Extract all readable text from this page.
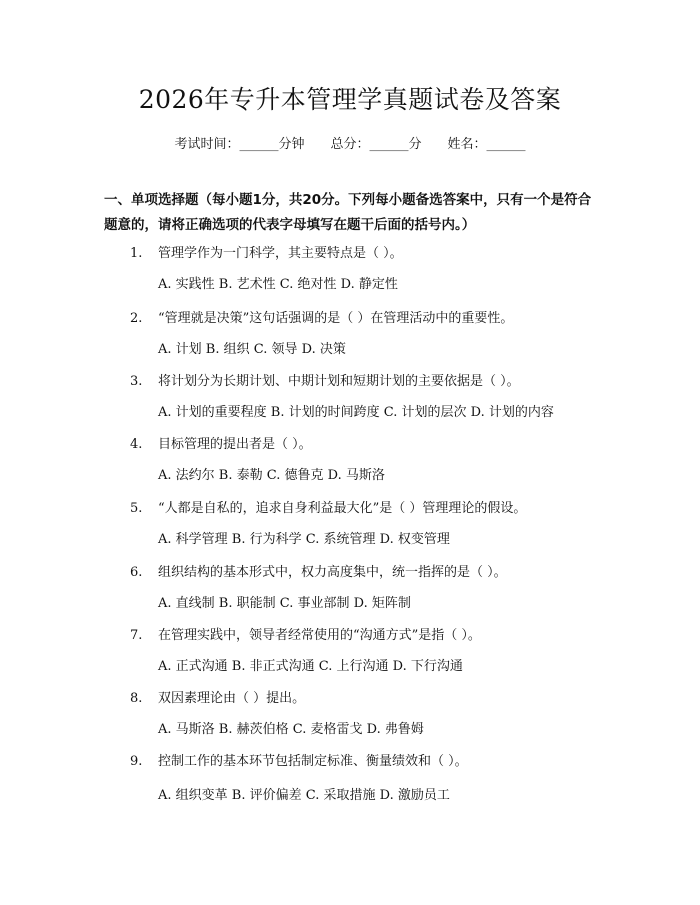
2026年专升本管理学真题试卷及答案
考试时间：______分钟 总分：______分 姓名：______
一、单项选择题（每小题1分，共20分。下列每小题备选答案中，只有一个是符合题意的，请将正确选项的代表字母填写在题干后面的括号内。）
1. 管理学作为一门科学，其主要特点是（ ）。
A. 实践性 B. 艺术性 C. 绝对性 D. 静定性
2. “管理就是决策”这句话强调的是（ ）在管理活动中的重要性。
A. 计划 B. 组织 C. 领导 D. 决策
3. 将计划分为长期计划、中期计划和短期计划的主要依据是（ ）。
A. 计划的重要程度 B. 计划的时间跨度 C. 计划的层次 D. 计划的内容
4. 目标管理的提出者是（ ）。
A. 法约尔 B. 泰勒 C. 德鲁克 D. 马斯洛
5. “人都是自私的，追求自身利益最大化”是（ ）管理理论的假设。
A. 科学管理 B. 行为科学 C. 系统管理 D. 权变管理
6. 组织结构的基本形式中，权力高度集中，统一指挥的是（ ）。
A. 直线制 B. 职能制 C. 事业部制 D. 矩阵制
7. 在管理实践中，领导者经常使用的“沟通方式”是指（ ）。
A. 正式沟通 B. 非正式沟通 C. 上行沟通 D. 下行沟通
8. 双因素理论由（ ）提出。
A. 马斯洛 B. 赫茨伯格 C. 麦格雷戈 D. 弗鲁姆
9. 控制工作的基本环节包括制定标准、衡量绩效和（ ）。
A. 组织变革 B. 评价偏差 C. 采取措施 D. 激励员工
